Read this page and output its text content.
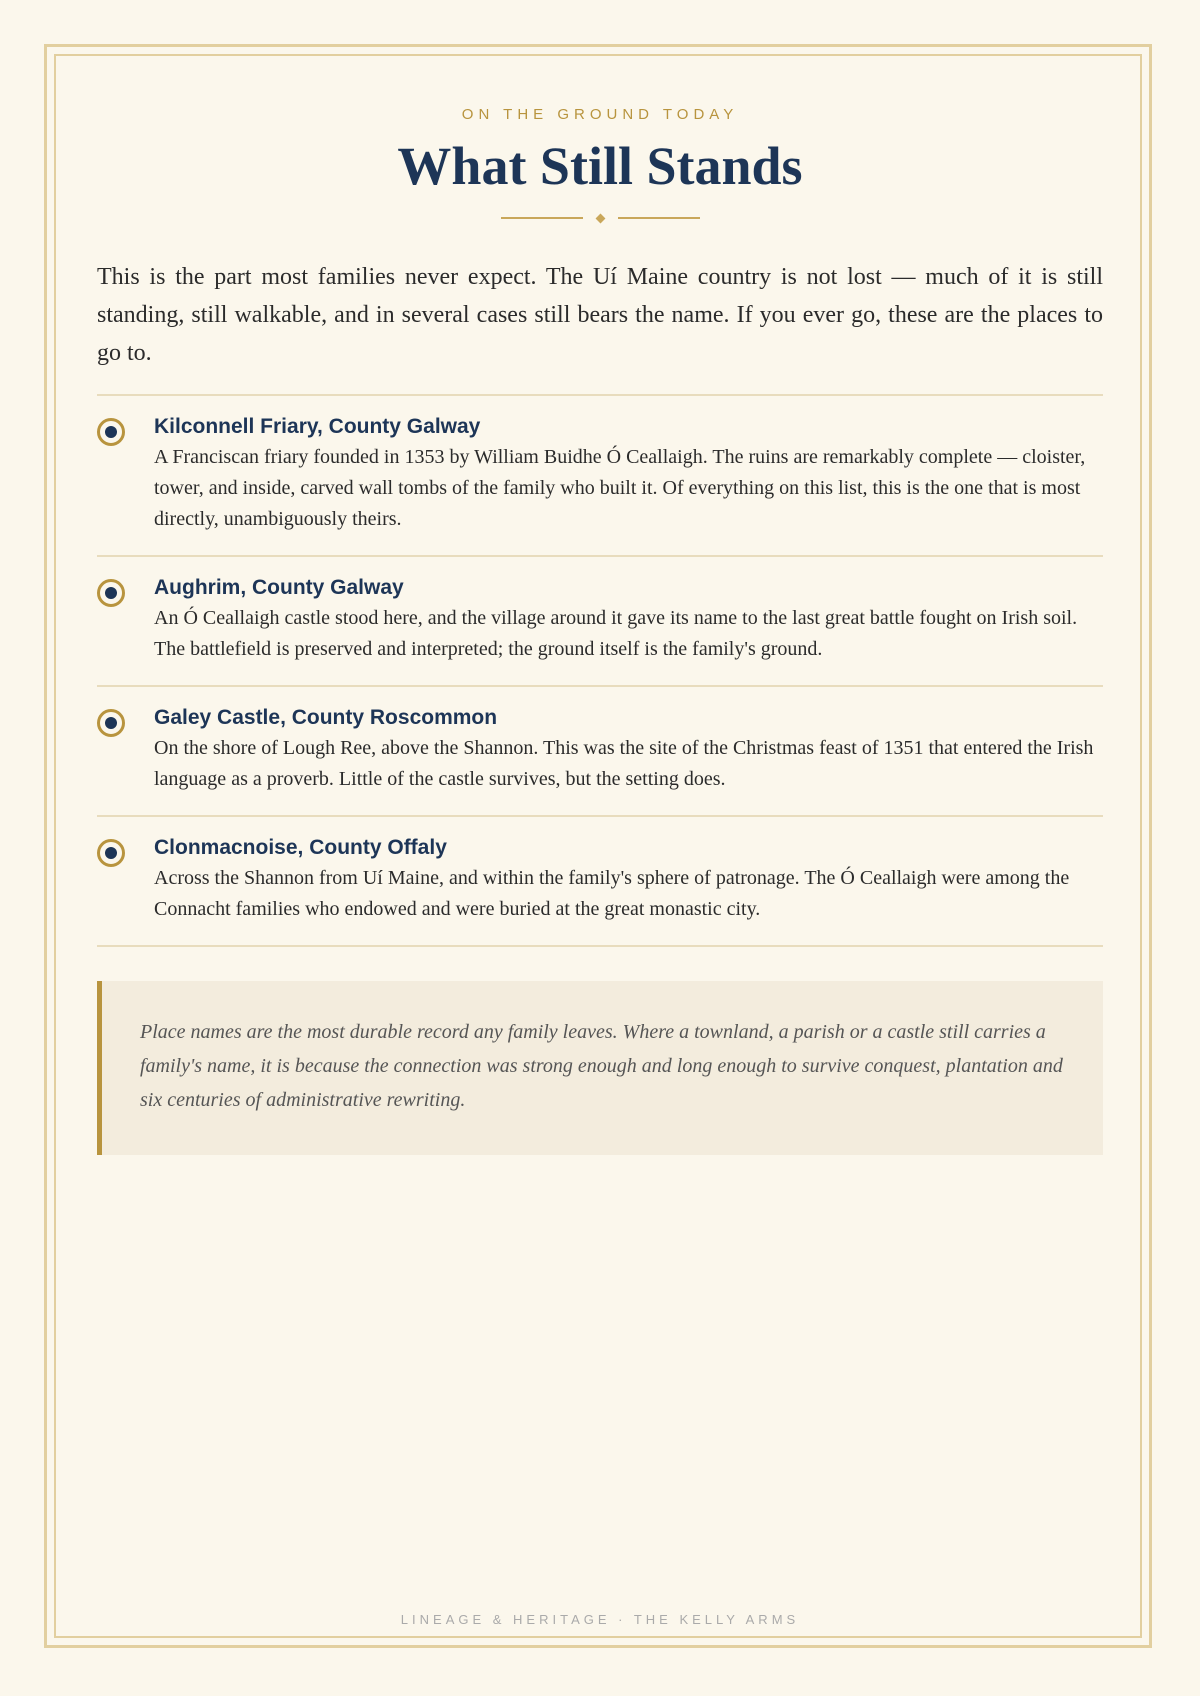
ON THE GROUND TODAY

What Still Stands

This is the part most families never expect. The Uí Maine country is not lost — much of it is still standing, still walkable, and in several cases still bears the name. If you ever go, these are the places to go to.

Kilconnell Friary, County Galway

A Franciscan friary founded in 1353 by William Buidhe Ó Ceallaigh. The ruins are remarkably complete — cloister, tower, and inside, carved wall tombs of the family who built it. Of everything on this list, this is the one that is most directly, unambiguously theirs.

Aughrim, County Galway

An Ó Ceallaigh castle stood here, and the village around it gave its name to the last great battle fought on Irish soil. The battlefield is preserved and interpreted; the ground itself is the family's ground.

Galey Castle, County Roscommon

On the shore of Lough Ree, above the Shannon. This was the site of the Christmas feast of 1351 that entered the Irish language as a proverb. Little of the castle survives, but the setting does.

Clonmacnoise, County Offaly

Across the Shannon from Uí Maine, and within the family's sphere of patronage. The Ó Ceallaigh were among the Connacht families who endowed and were buried at the great monastic city.

Place names are the most durable record any family leaves. Where a townland, a parish or a castle still carries a family's name, it is because the connection was strong enough and long enough to survive conquest, plantation and six centuries of administrative rewriting.
LINEAGE & HERITAGE · THE KELLY ARMS
